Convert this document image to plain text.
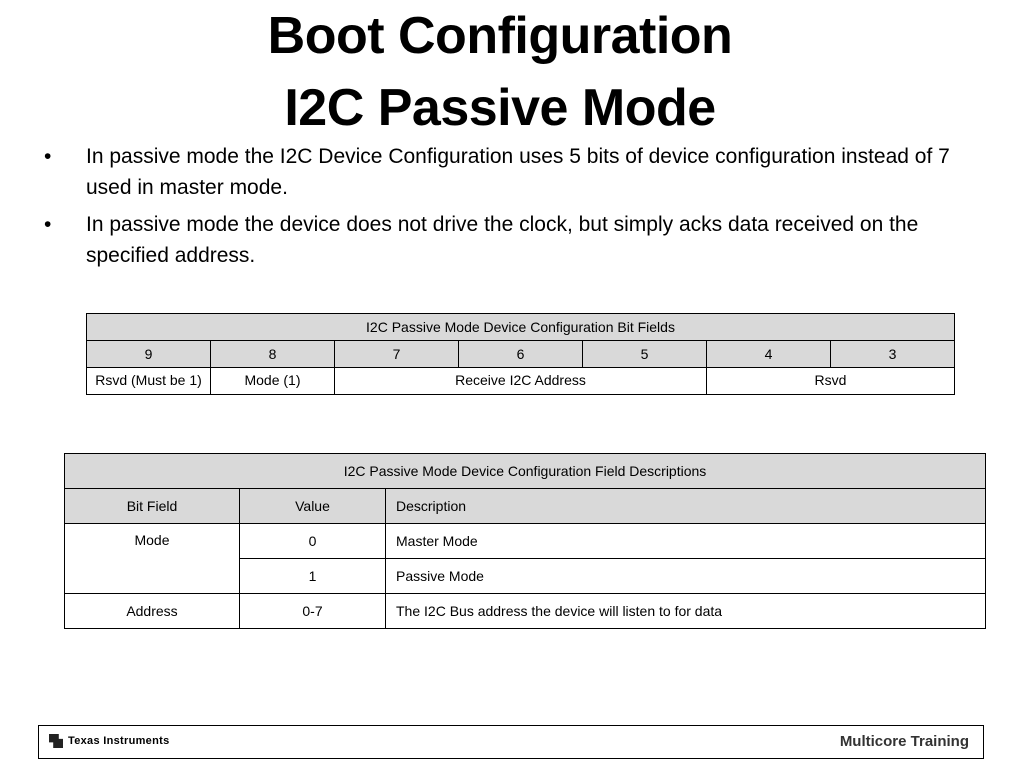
Boot Configuration
I2C Passive Mode
•	In passive mode the I2C Device Configuration uses 5 bits of device configuration instead of 7 used in master mode.
•	In passive mode the device does not drive the clock, but simply acks data received on the specified address.
I2C Passive Mode Device Configuration Bit Fields						
9	8	7	6	5	4	3
Rsvd (Must be 1)	Mode (1)	Receive I2C Address			Rsvd	
I2C Passive Mode Device Configuration Field Descriptions		
Bit Field	Value	Description
Mode	0	Master Mode
	1	Passive Mode
Address	0-7	The I2C Bus address the device will listen to for data
Texas Instruments	Multicore Training
